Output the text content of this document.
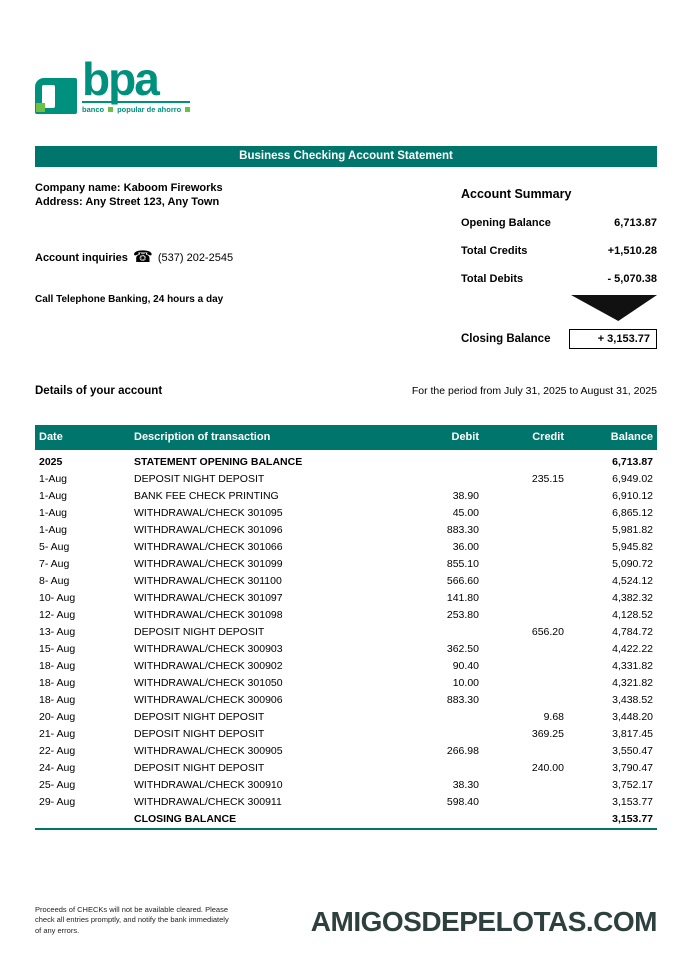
bpa
banco popular de ahorro
Business Checking Account Statement
Company name: Kaboom Fireworks
Address: Any Street 123, Any Town
Account inquiries ☎ (537) 202-2545
Call Telephone Banking, 24 hours a day
Account Summary
Opening Balance	6,713.87
Total Credits	+1,510.28
Total Debits	- 5,070.38
Closing Balance	+ 3,153.77
Details of your account	For the period from July 31, 2025 to August 31, 2025
Date	Description of transaction	Debit	Credit	Balance
2025	STATEMENT OPENING BALANCE			6,713.87
1-Aug	DEPOSIT NIGHT DEPOSIT		235.15	6,949.02
1-Aug	BANK FEE CHECK PRINTING	38.90		6,910.12
1-Aug	WITHDRAWAL/CHECK 301095	45.00		6,865.12
1-Aug	WITHDRAWAL/CHECK 301096	883.30		5,981.82
5- Aug	WITHDRAWAL/CHECK 301066	36.00		5,945.82
7- Aug	WITHDRAWAL/CHECK 301099	855.10		5,090.72
8- Aug	WITHDRAWAL/CHECK 301100	566.60		4,524.12
10- Aug	WITHDRAWAL/CHECK 301097	141.80		4,382.32
12- Aug	WITHDRAWAL/CHECK 301098	253.80		4,128.52
13- Aug	DEPOSIT NIGHT DEPOSIT		656.20	4,784.72
15- Aug	WITHDRAWAL/CHECK 300903	362.50		4,422.22
18- Aug	WITHDRAWAL/CHECK 300902	90.40		4,331.82
18- Aug	WITHDRAWAL/CHECK 301050	10.00		4,321.82
18- Aug	WITHDRAWAL/CHECK 300906	883.30		3,438.52
20- Aug	DEPOSIT NIGHT DEPOSIT		9.68	3,448.20
21- Aug	DEPOSIT NIGHT DEPOSIT		369.25	3,817.45
22- Aug	WITHDRAWAL/CHECK 300905	266.98		3,550.47
24- Aug	DEPOSIT NIGHT DEPOSIT		240.00	3,790.47
25- Aug	WITHDRAWAL/CHECK 300910	38.30		3,752.17
29- Aug	WITHDRAWAL/CHECK 300911	598.40		3,153.77
	CLOSING BALANCE			3,153.77
Proceeds of CHECKs will not be available cleared. Please check all entries promptly, and notify the bank immediately of any errors.	AMIGOSDEPELOTAS.COM
